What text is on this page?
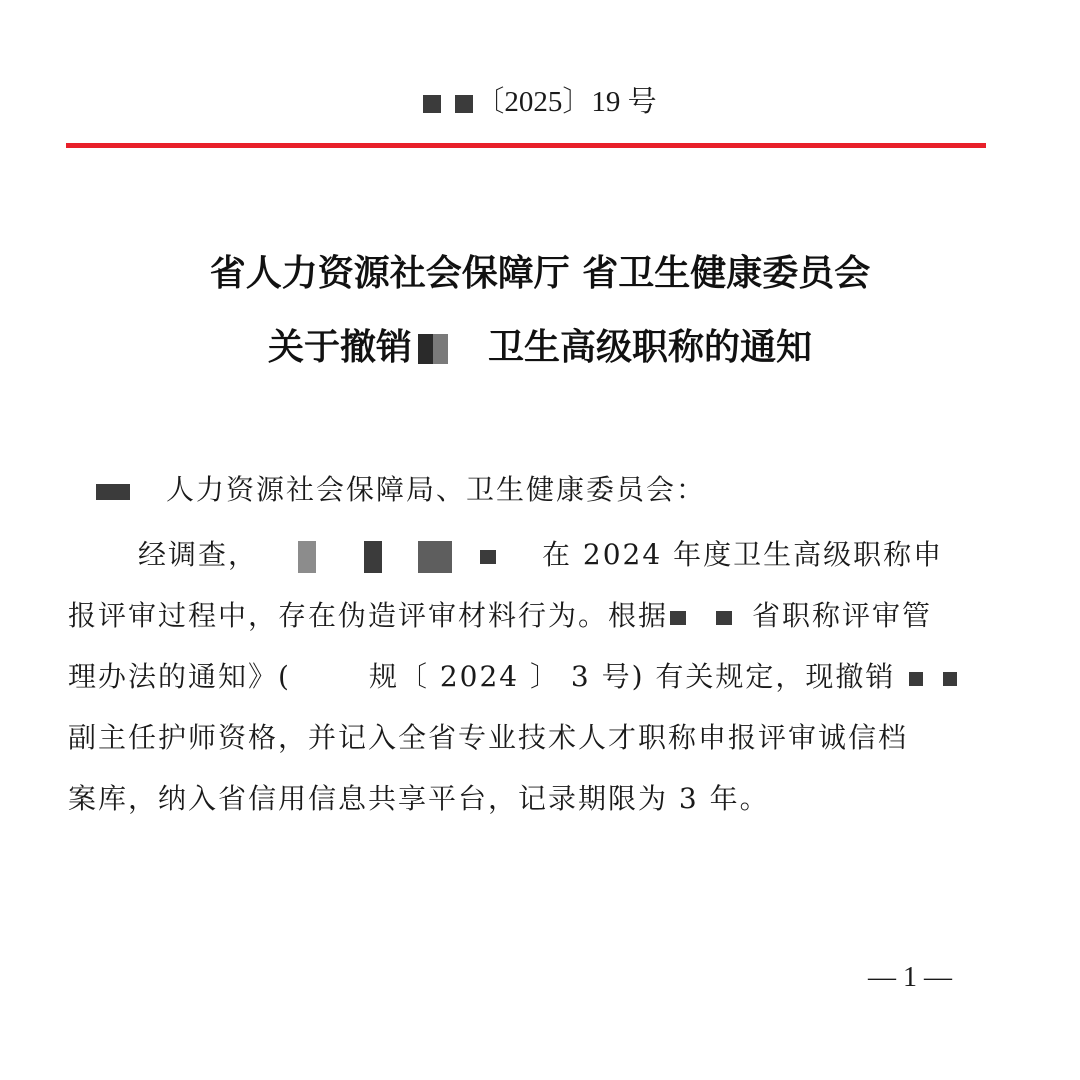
〔2025〕19 号
省人力资源社会保障厅 省卫生健康委员会
关于撤销 卫生高级职称的通知
人力资源社会保障局、卫生健康委员会：
经调查，	在 2024 年度卫生高级职称申
报评审过程中，存在伪造评审材料行为。根据	省职称评审管
理办法的通知》(	规〔 2024 〕 3 号) 有关规定，现撤销
副主任护师资格，并记入全省专业技术人才职称申报评审诚信档
案库，纳入省信用信息共享平台，记录期限为 3 年。
— 1 —
